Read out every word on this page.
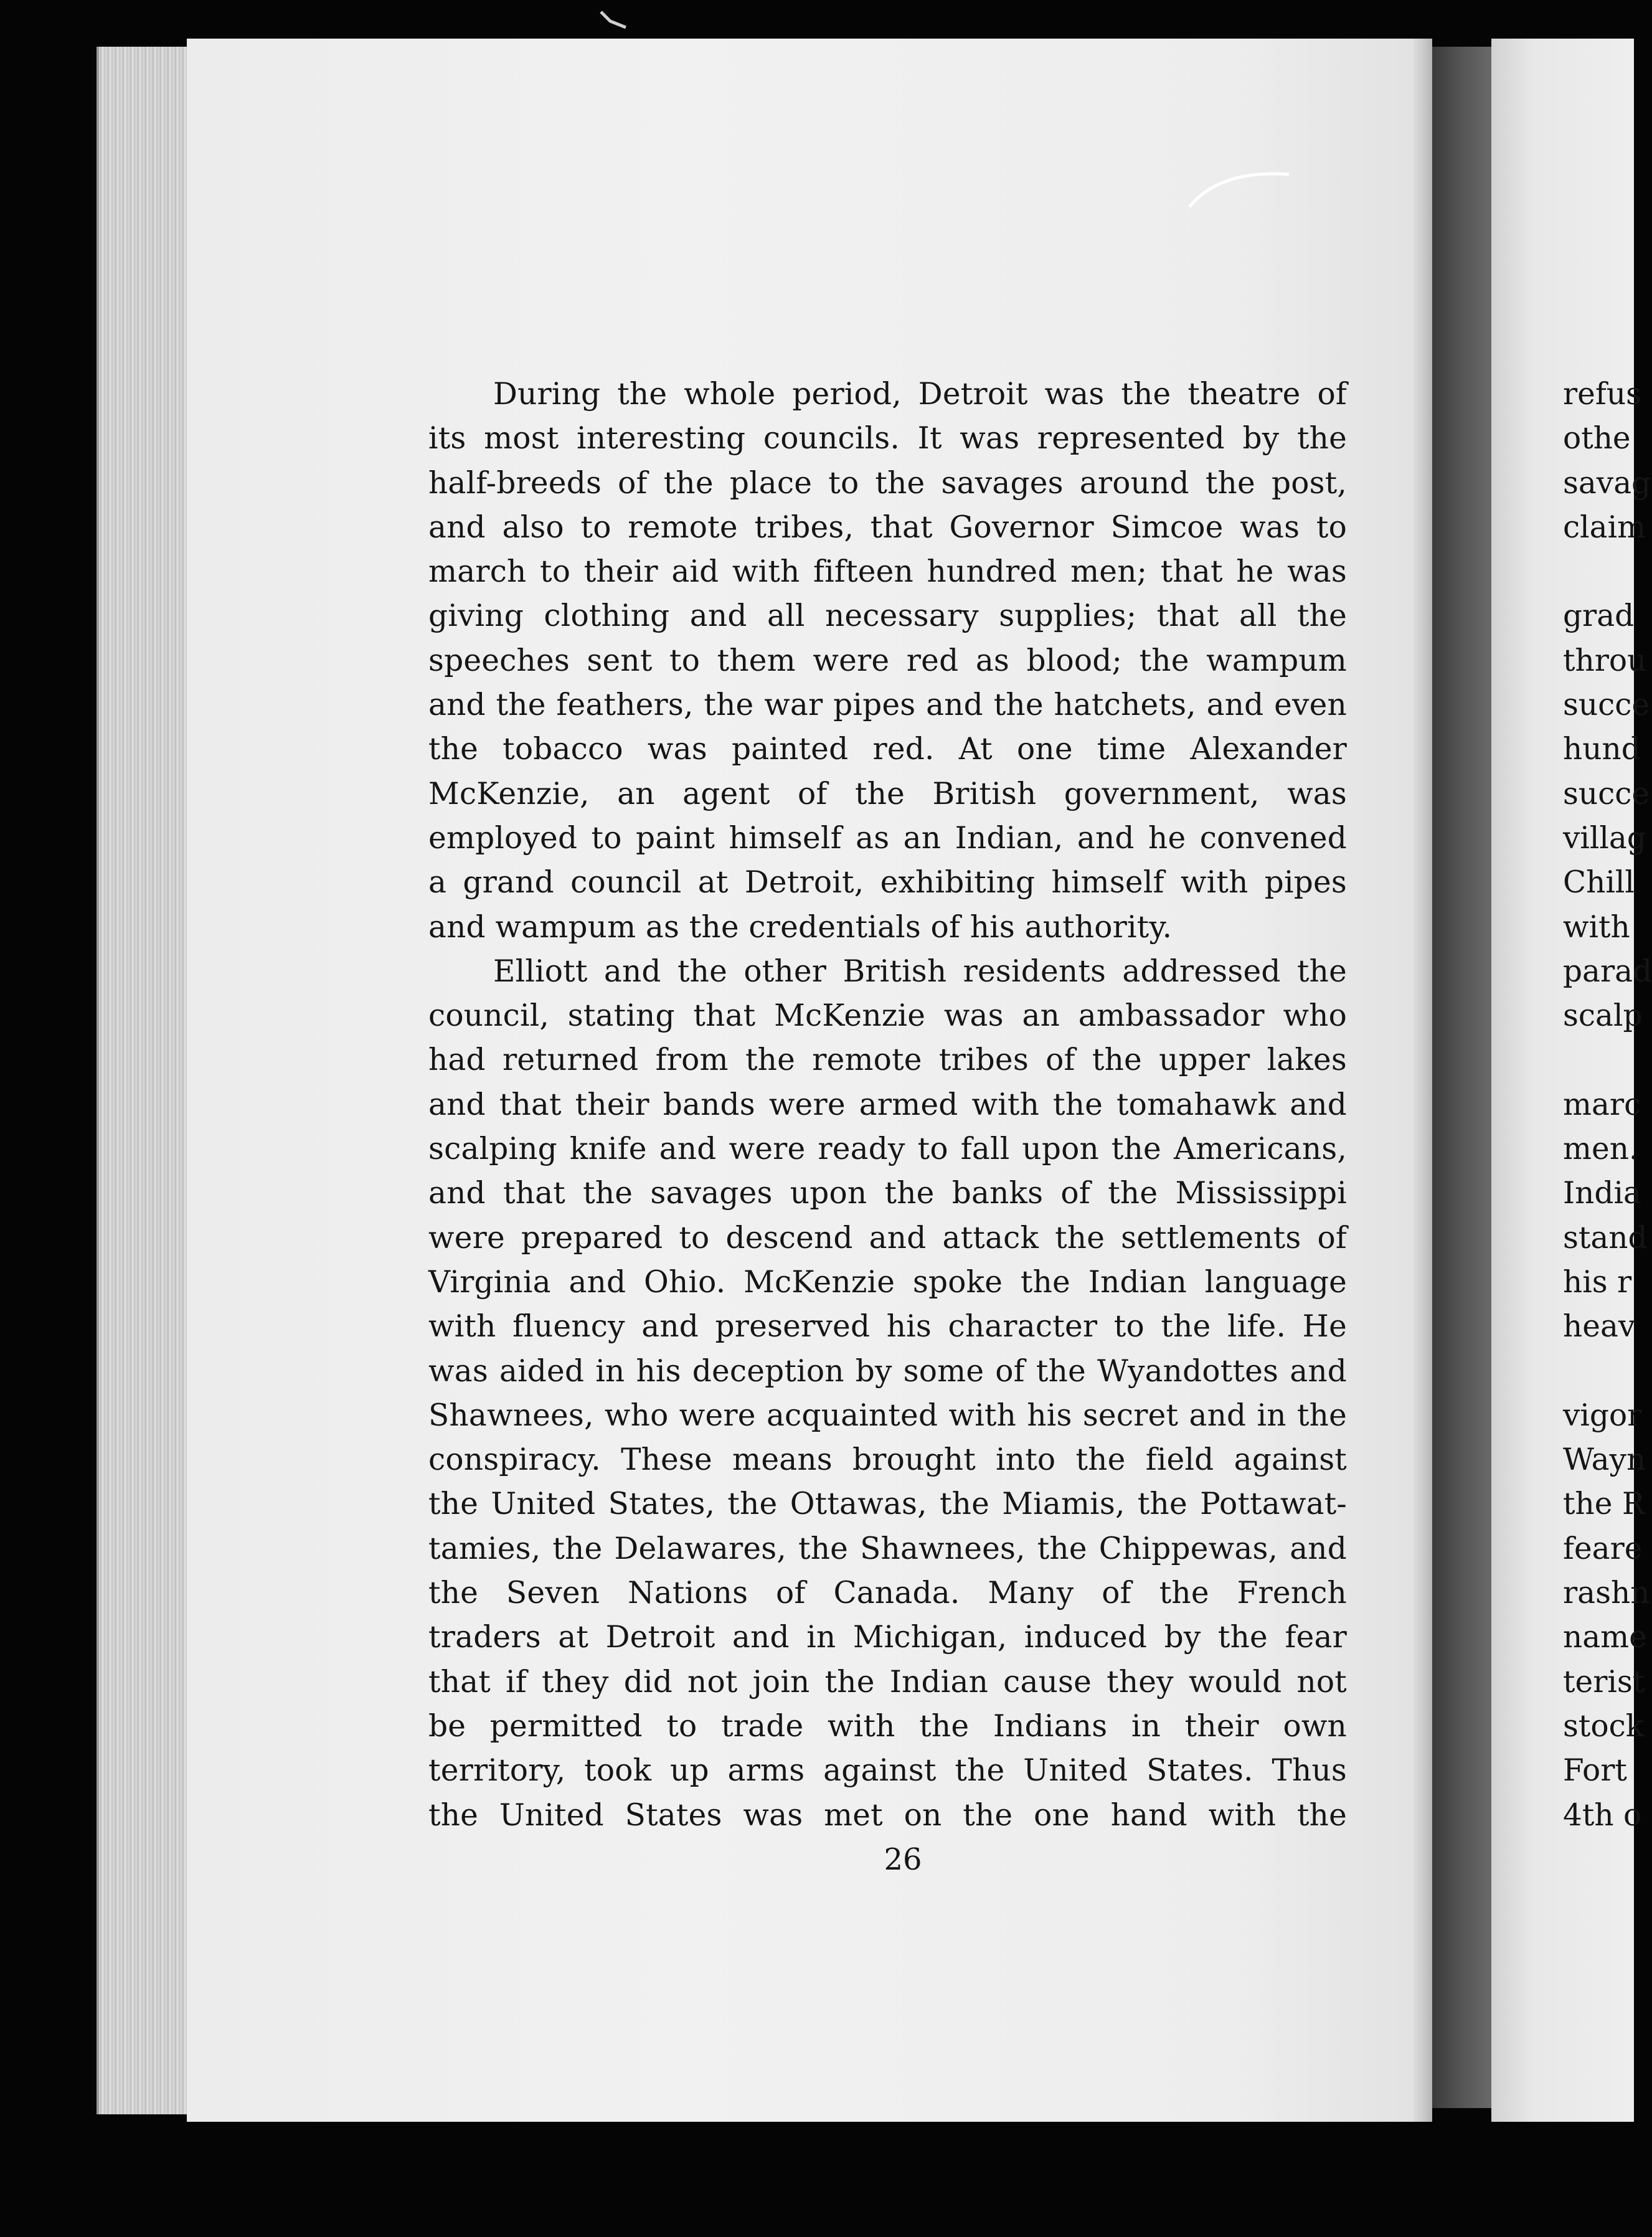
During the whole period, Detroit was the theatre of
its most interesting councils. It was represented by the
half-breeds of the place to the savages around the post,
and also to remote tribes, that Governor Simcoe was to
march to their aid with fifteen hundred men; that he was
giving clothing and all necessary supplies; that all the
speeches sent to them were red as blood; the wampum
and the feathers, the war pipes and the hatchets, and even
the tobacco was painted red. At one time Alexander
McKenzie, an agent of the British government, was
employed to paint himself as an Indian, and he convened
a grand council at Detroit, exhibiting himself with pipes
and wampum as the credentials of his authority.
Elliott and the other British residents addressed the
council, stating that McKenzie was an ambassador who
had returned from the remote tribes of the upper lakes
and that their bands were armed with the tomahawk and
scalping knife and were ready to fall upon the Americans,
and that the savages upon the banks of the Mississippi
were prepared to descend and attack the settlements of
Virginia and Ohio. McKenzie spoke the Indian language
with fluency and preserved his character to the life. He
was aided in his deception by some of the Wyandottes and
Shawnees, who were acquainted with his secret and in the
conspiracy. These means brought into the field against
the United States, the Ottawas, the Miamis, the Pottawat-
tamies, the Delawares, the Shawnees, the Chippewas, and
the Seven Nations of Canada. Many of the French
traders at Detroit and in Michigan, induced by the fear
that if they did not join the Indian cause they would not
be permitted to trade with the Indians in their own
territory, took up arms against the United States. Thus
the United States was met on the one hand with the
26
refus
othe
savag
claim
grad
throu
succe
hund
succe
villag
Chill
with
parad
scalp
marc
men.
India
stand
his r
heav
vigor
Wayn
the R
feare
rashn
name
terist
stock
Fort
4th o
